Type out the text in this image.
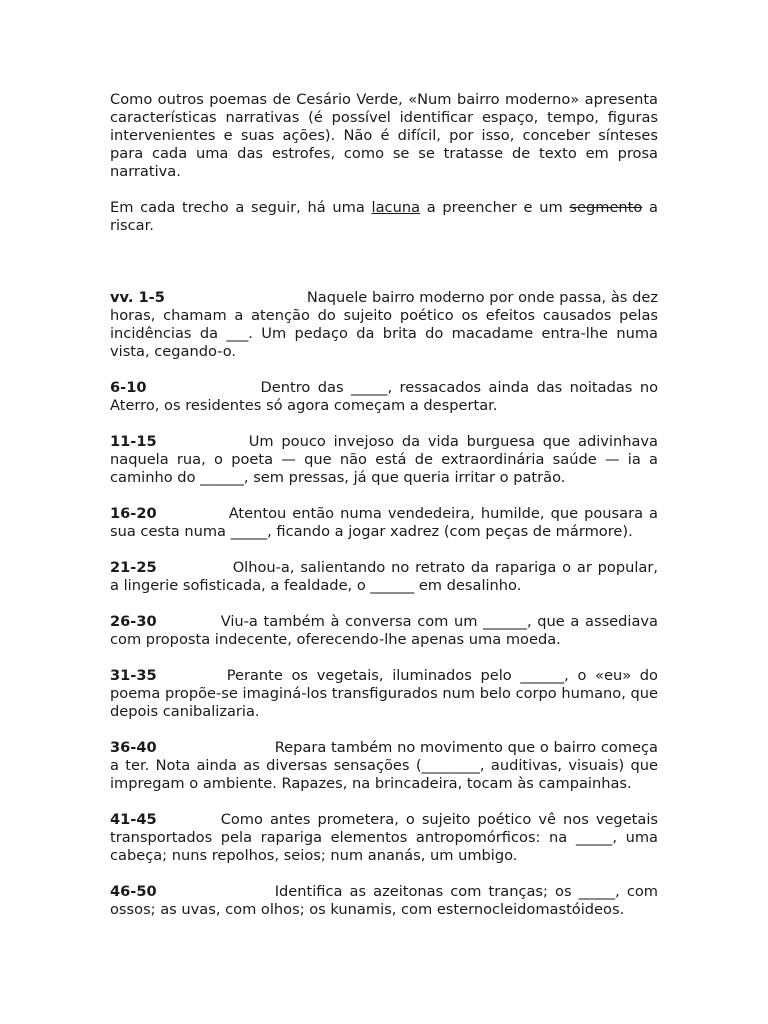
Como outros poemas de Cesário Verde, «Num bairro moderno» apresenta características narrativas (é possível identificar espaço, tempo, figuras intervenientes e suas ações). Não é difícil, por isso, conceber sínteses para cada uma das estrofes, como se se tratasse de texto em prosa narrativa.

Em cada trecho a seguir, há uma lacuna a preencher e um segmento a riscar.

vv. 1-5	Naquele bairro moderno por onde passa, às dez horas, chamam a atenção do sujeito poético os efeitos causados pelas incidências da ___. Um pedaço da brita do macadame entra-lhe numa vista, cegando-o.

6-10	Dentro das _____, ressacados ainda das noitadas no Aterro, os residentes só agora começam a despertar.

11-15	Um pouco invejoso da vida burguesa que adivinhava naquela rua, o poeta — que não está de extraordinária saúde — ia a caminho do ______, sem pressas, já que queria irritar o patrão.

16-20	Atentou então numa vendedeira, humilde, que pousara a sua cesta numa _____, ficando a jogar xadrez (com peças de mármore).

21-25	Olhou-a, salientando no retrato da rapariga o ar popular, a lingerie sofisticada, a fealdade, o ______ em desalinho.

26-30	Viu-a também à conversa com um ______, que a assediava com proposta indecente, oferecendo-lhe apenas uma moeda.

31-35	Perante os vegetais, iluminados pelo ______, o «eu» do poema propõe-se imaginá-los transfigurados num belo corpo humano, que depois canibalizaria.

36-40	Repara também no movimento que o bairro começa a ter. Nota ainda as diversas sensações (________, auditivas, visuais) que impregam o ambiente. Rapazes, na brincadeira, tocam às campainhas.

41-45	Como antes prometera, o sujeito poético vê nos vegetais transportados pela rapariga elementos antropomórficos: na _____, uma cabeça; nuns repolhos, seios; num ananás, um umbigo.

46-50	Identifica as azeitonas com tranças; os _____, com ossos; as uvas, com olhos; os kunamis, com esternocleidomastóideos.
